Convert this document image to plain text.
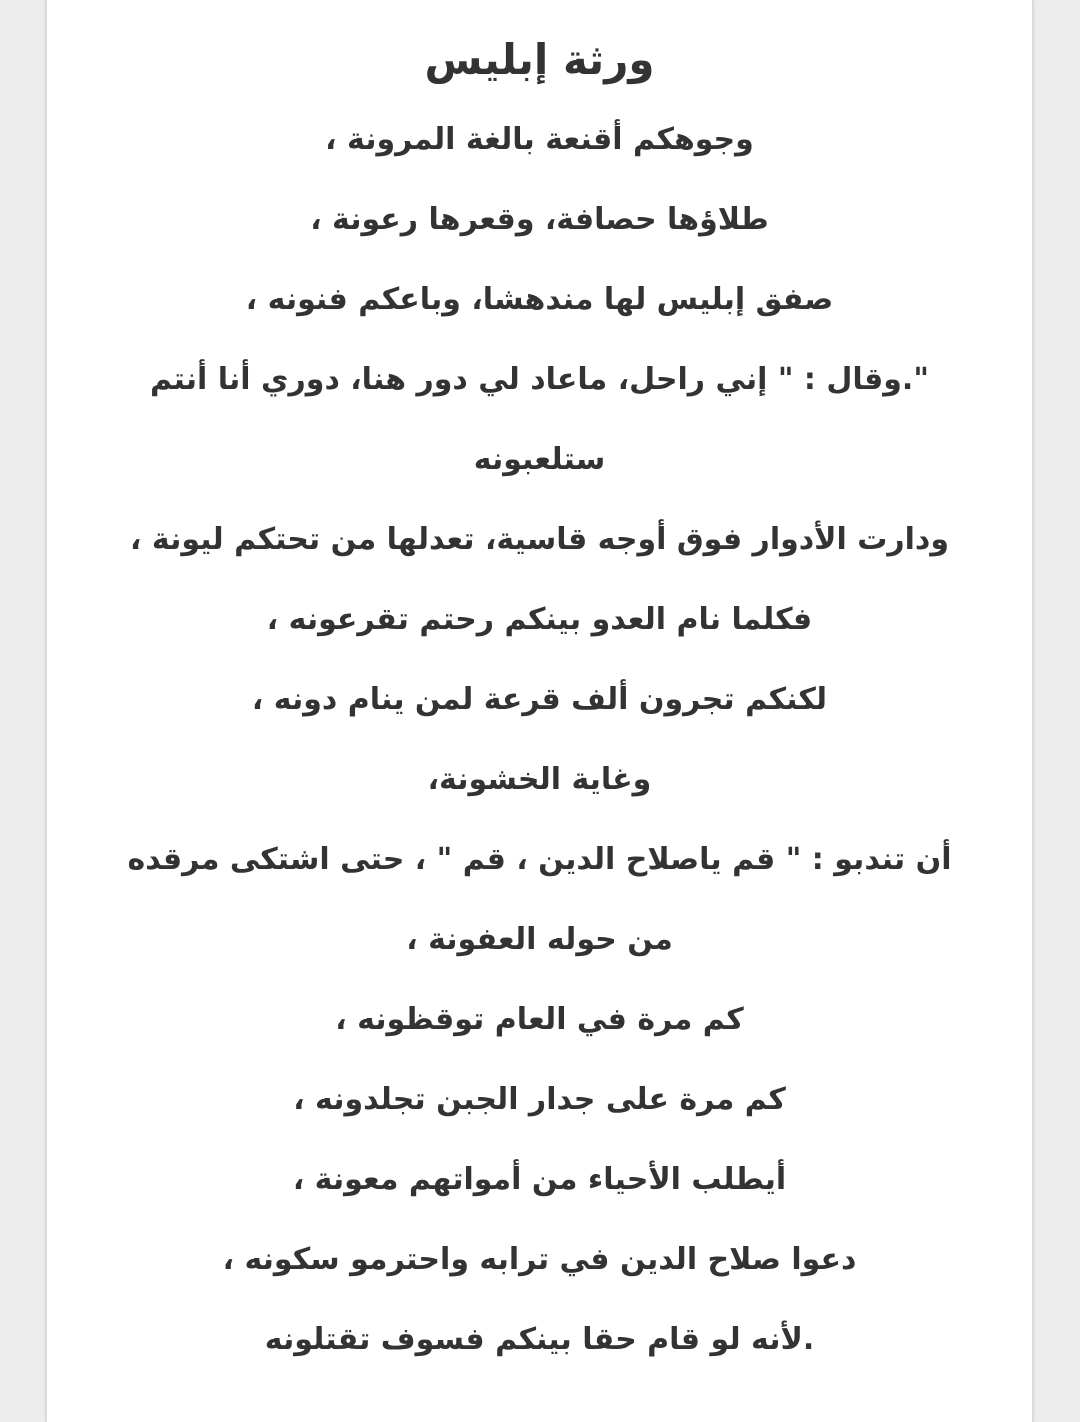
ورثة إبليس
وجوهكم أقنعة بالغة المرونة ،
طلاؤها حصافة، وقعرها رعونة ،
صفق إبليس لها مندهشا، وباعكم فنونه ،
".وقال : " إني راحل، ماعاد لي دور هنا، دوري أنا أنتم
ستلعبونه
ودارت الأدوار فوق أوجه قاسية، تعدلها من تحتكم ليونة ،
فكلما نام العدو بينكم رحتم تقرعونه ،
لكنكم تجرون ألف قرعة لمن ينام دونه ،
وغاية الخشونة،
أن تندبو : " قم ياصلاح الدين ، قم " ، حتى اشتكى مرقده
من حوله العفونة ،
كم مرة في العام توقظونه ،
كم مرة على جدار الجبن تجلدونه ،
أيطلب الأحياء من أمواتهم معونة ،
دعوا صلاح الدين في ترابه واحترمو سكونه ،
.لأنه لو قام حقا بينكم فسوف تقتلونه
